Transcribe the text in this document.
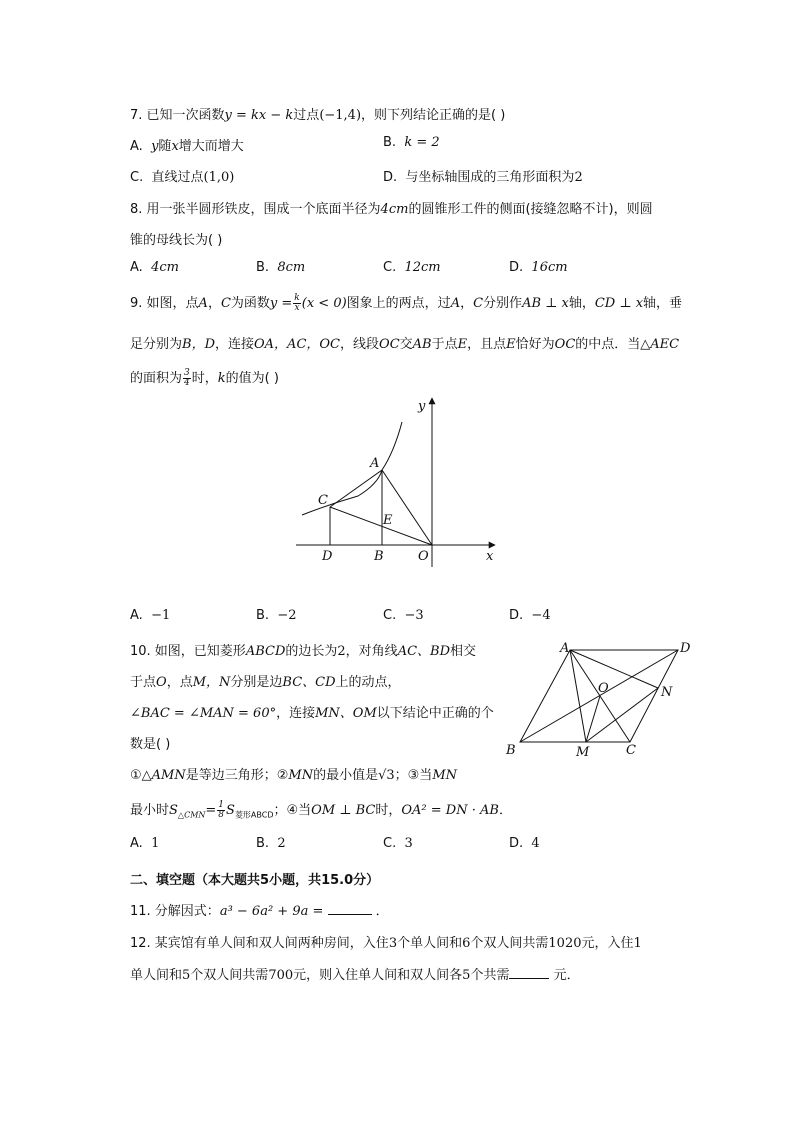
7. 已知一次函数y = kx − k过点(−1,4)，则下列结论正确的是( )
A. y随x增大而增大	B. k = 2
C. 直线过点(1,0)	D. 与坐标轴围成的三角形面积为2
8. 用一张半圆形铁皮，围成一个底面半径为4cm的圆锥形工件的侧面(接缝忽略不计)，则圆
锥的母线长为( )
A. 4cm	B. 8cm	C. 12cm	D. 16cm
9. 如图，点A，C为函数$y = \frac{k}{x} (x < 0)$图象上的两点，过A，C分别作AB ⊥ x轴，CD ⊥ x轴，垂
足分别为B，D，连接OA，AC，OC，线段OC交AB于点E，且点E恰好为OC的中点．当△AEC
的面积为 $\frac{3}{4}$ 时，k的值为( )
y
x
A
C
E
D	B	O
A. −1	B. −2	C. −3	D. −4
10. 如图，已知菱形ABCD的边长为2，对角线AC、BD相交
于点O，点M，N分别是边BC、CD上的动点，
∠BAC = ∠MAN = 60°，连接MN、OM以下结论中正确的个
数是( )
①△AMN是等边三角形；②MN的最小值是√3；③当MN
最小时$S_{\triangle CMN}= \frac{1}{8} S_{菱形ABCD}$；④当OM ⊥ BC时，OA² = DN · AB．
A	D
O	N
B	M	C
A. 1	B. 2	C. 3	D. 4
二、填空题（本大题共5小题，共15.0分）
11. 分解因式：a³ − 6a² + 9a =	．
12. 某宾馆有单人间和双人间两种房间，入住3个单人间和6个双人间共需1020元，入住1
单人间和5个双人间共需700元，则入住单人间和双人间各5个共需	元．
